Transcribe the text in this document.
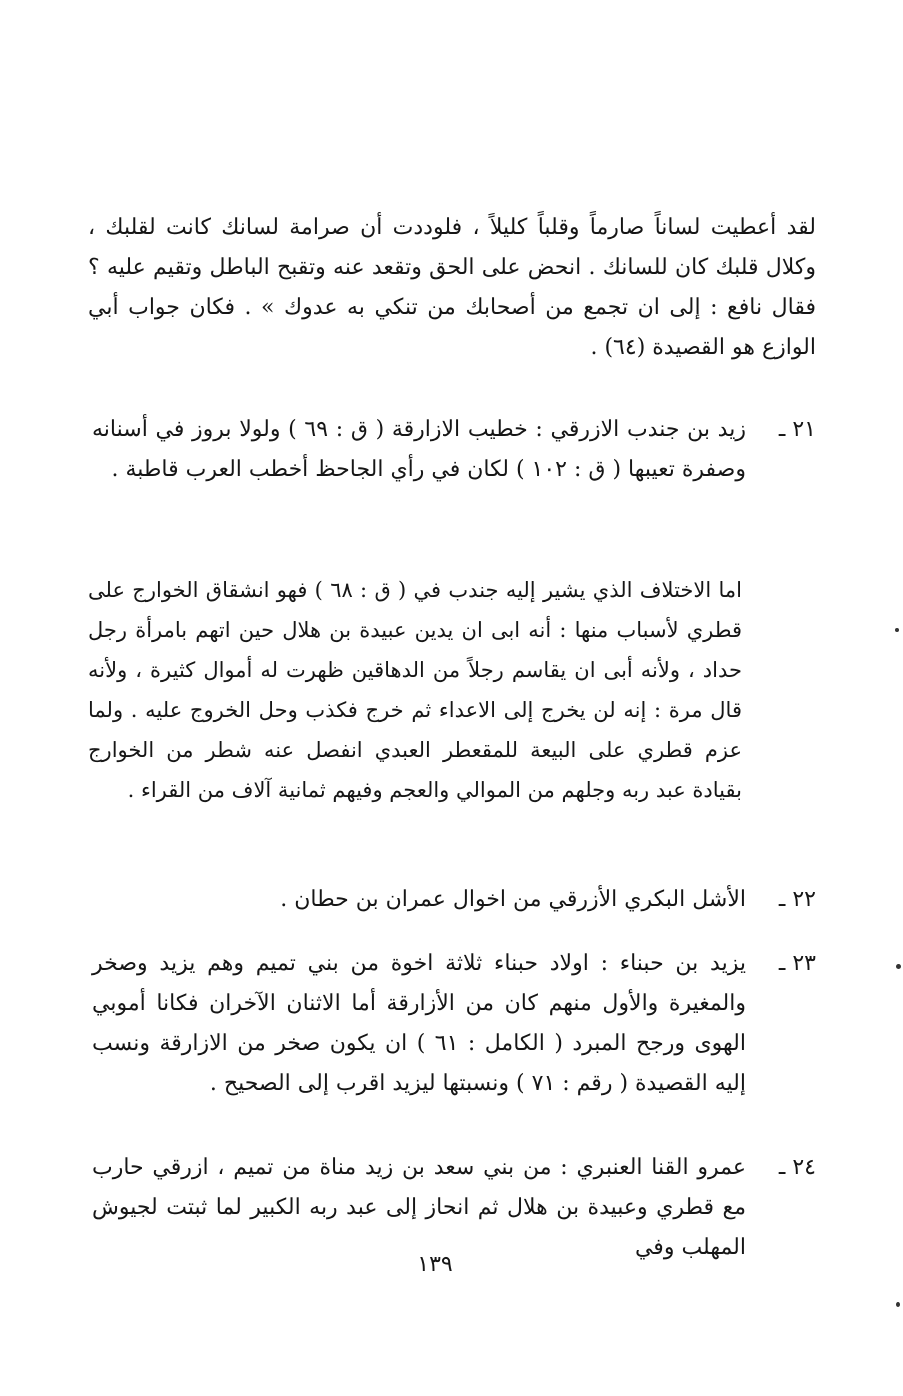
لقد أعطيت لساناً صارماً وقلباً كليلاً ، فلوددت أن صرامة لسانك كانت لقلبك ، وكلال قلبك كان للسانك . انحض على الحق وتقعد عنه وتقبح الباطل وتقيم عليه ؟ فقال نافع : إلى ان تجمع من أصحابك من تنكي به عدوك » . فكان جواب أبي الوازع هو القصيدة (٦٤) .

٢١ ـ
زيد بن جندب الازرقي : خطيب الازارقة ( ق : ٦٩ ) ولولا بروز في أسنانه وصفرة تعيبها ( ق : ١٠٢ ) لكان في رأي الجاحظ أخطب العرب قاطبة .

اما الاختلاف الذي يشير إليه جندب في ( ق : ٦٨ ) فهو انشقاق الخوارج على قطري لأسباب منها : أنه ابى ان يدين عبيدة بن هلال حين اتهم بامرأة رجل حداد ، ولأنه أبى ان يقاسم رجلاً من الدهاقين ظهرت له أموال كثيرة ، ولأنه قال مرة : إنه لن يخرج إلى الاعداء ثم خرج فكذب وحل الخروج عليه . ولما عزم قطري على البيعة للمقعطر العبدي انفصل عنه شطر من الخوارج بقيادة عبد ربه وجلهم من الموالي والعجم وفيهم ثمانية آلاف من القراء .

٢٢ ـ
الأشل البكري الأزرقي من اخوال عمران بن حطان .
٢٣ ـ
يزيد بن حبناء : اولاد حبناء ثلاثة اخوة من بني تميم وهم يزيد وصخر والمغيرة والأول منهم كان من الأزارقة أما الاثنان الآخران فكانا أموبي الهوى ورجح المبرد ( الكامل : ٦١ ) ان يكون صخر من الازارقة ونسب إليه القصيدة ( رقم : ٧١ ) ونسبتها ليزيد اقرب إلى الصحيح .
٢٤ ـ
عمرو القنا العنبري : من بني سعد بن زيد مناة من تميم ، ازرقي حارب مع قطري وعبيدة بن هلال ثم انحاز إلى عبد ربه الكبير لما ثبتت لجيوش المهلب وفي
١٣٩
